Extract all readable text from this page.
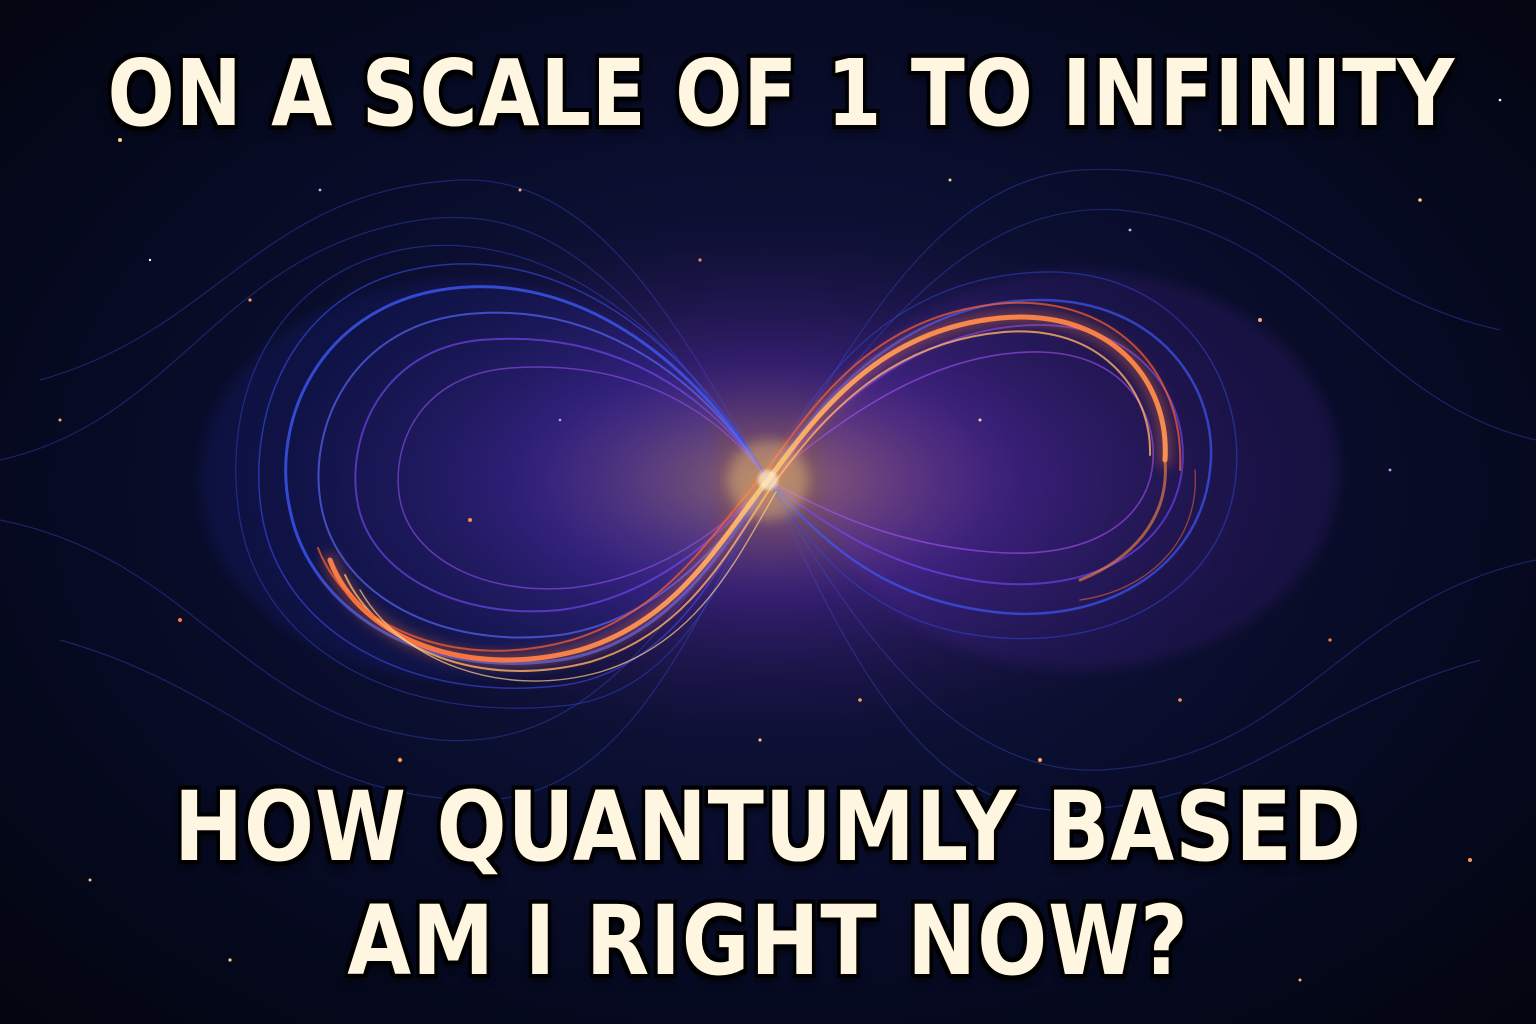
ON A SCALE OF 1 TO INFINITY
HOW QUANTUMLY BASED
AM I RIGHT NOW?
